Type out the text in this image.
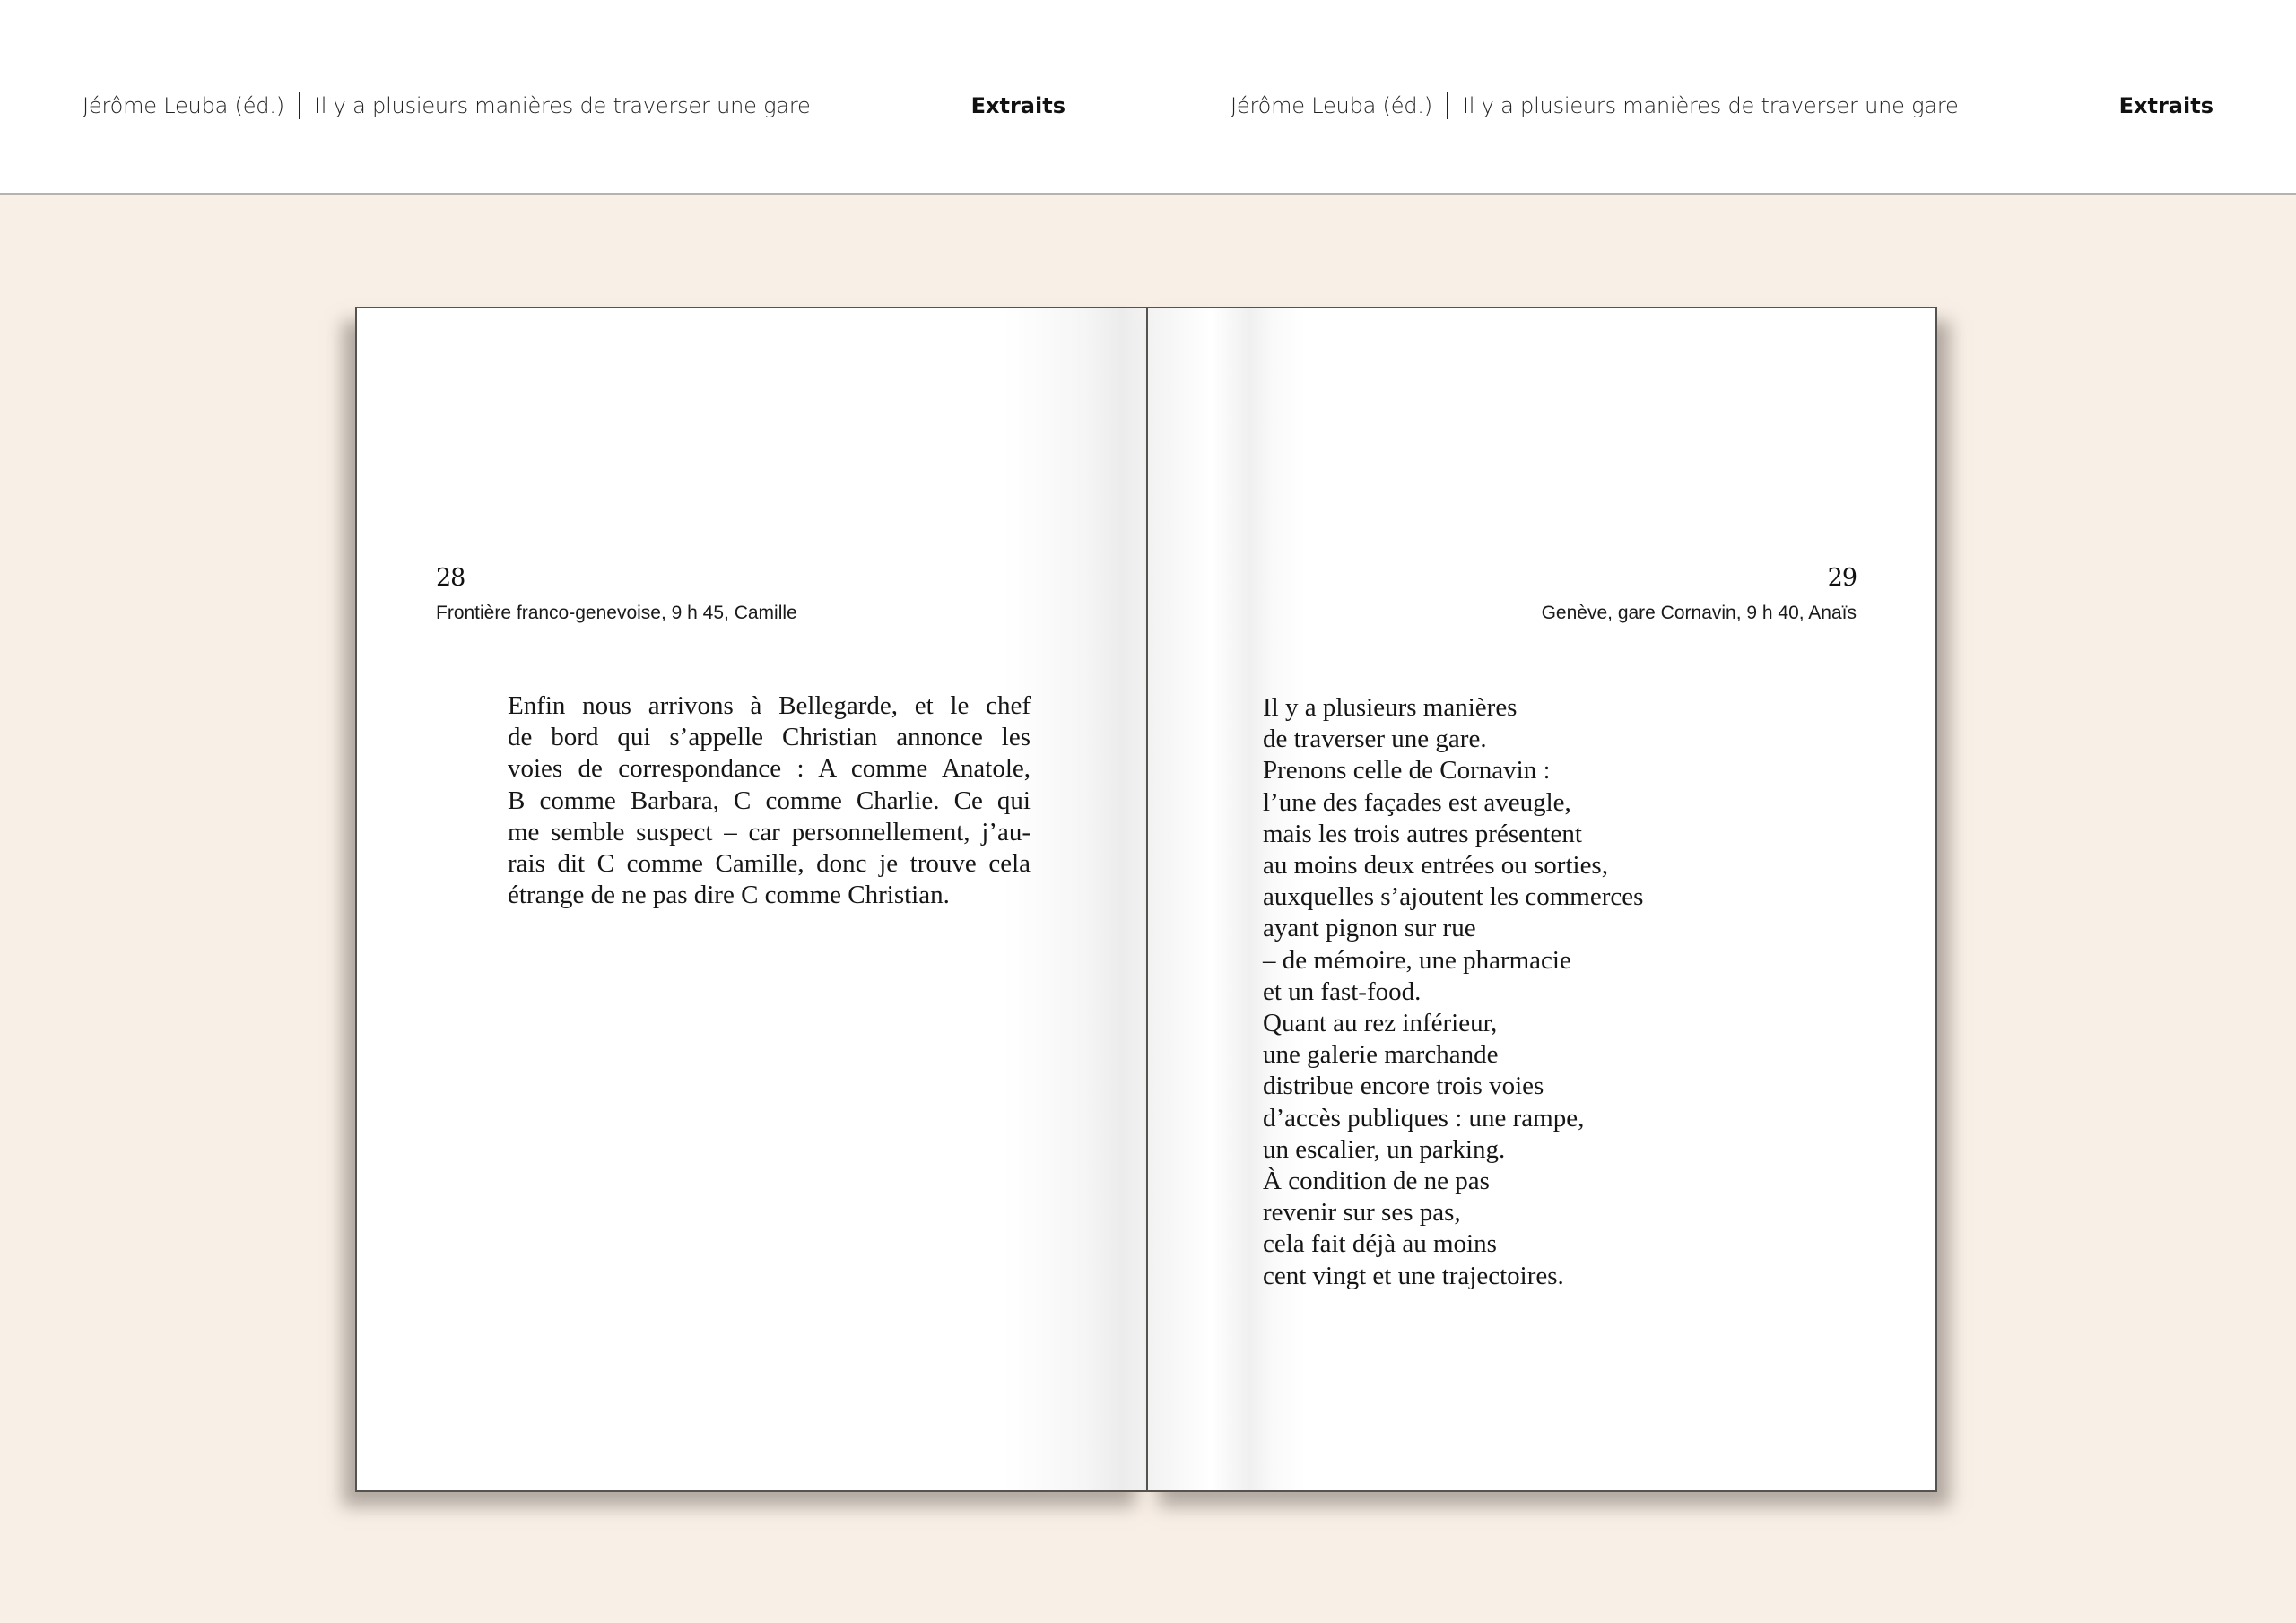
Jérôme Leuba (éd.) Il y a plusieurs manières de traverser une gare	Extraits	Jérôme Leuba (éd.) Il y a plusieurs manières de traverser une gare	Extraits
28
Frontière franco-genevoise, 9 h 45, Camille
Enfin nous arrivons à Bellegarde, et le chef
de bord qui s’appelle Christian annonce les
voies de correspondance : A comme Anatole,
B comme Barbara, C comme Charlie. Ce qui
me semble suspect – car personnellement, j’au-
rais dit C comme Camille, donc je trouve cela
étrange de ne pas dire C comme Christian.
29
Genève, gare Cornavin, 9 h 40, Anaïs
Il y a plusieurs manières
de traverser une gare.
Prenons celle de Cornavin :
l’une des façades est aveugle,
mais les trois autres présentent
au moins deux entrées ou sorties,
auxquelles s’ajoutent les commerces
ayant pignon sur rue
– de mémoire, une pharmacie
et un fast-food.
Quant au rez inférieur,
une galerie marchande
distribue encore trois voies
d’accès publiques : une rampe,
un escalier, un parking.
À condition de ne pas
revenir sur ses pas,
cela fait déjà au moins
cent vingt et une trajectoires.
